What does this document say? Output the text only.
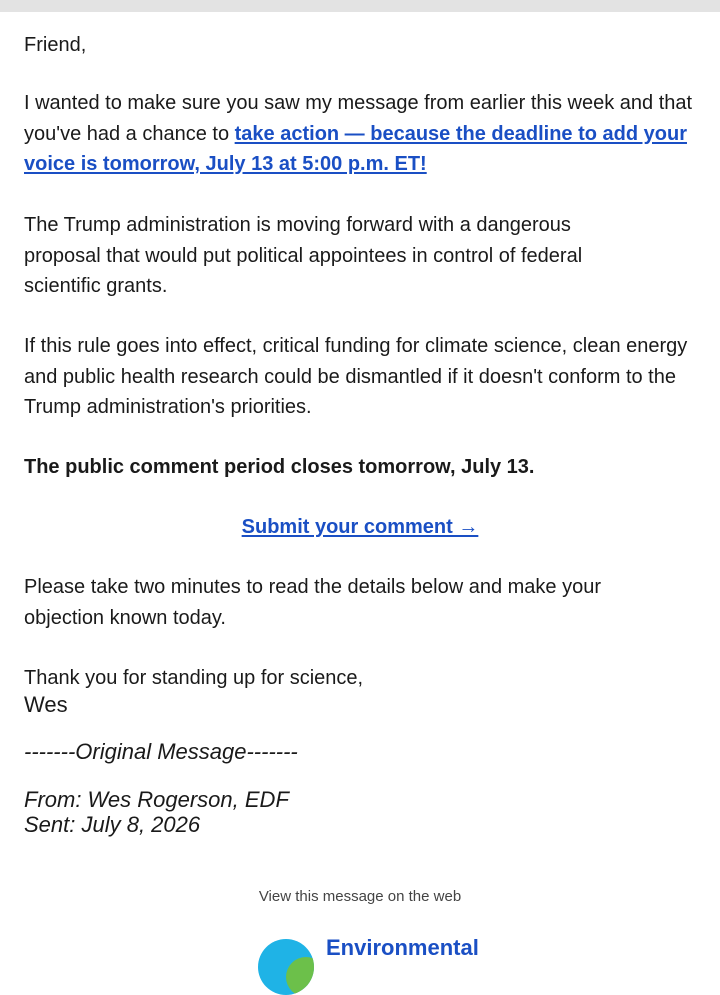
Friend,

I wanted to make sure you saw my message from earlier this week and that you've had a chance to take action — because the deadline to add your voice is tomorrow, July 13 at 5:00 p.m. ET!

The Trump administration is moving forward with a dangerous proposal that would put political appointees in control of federal scientific grants.

If this rule goes into effect, critical funding for climate science, clean energy and public health research could be dismantled if it doesn't conform to the Trump administration's priorities.

The public comment period closes tomorrow, July 13.

Submit your comment →

Please take two minutes to read the details below and make your objection known today.

Thank you for standing up for science,

Wes

-------Original Message-------

From: Wes Rogerson, EDF

Sent: July 8, 2026

View this message on the web
Environmental
